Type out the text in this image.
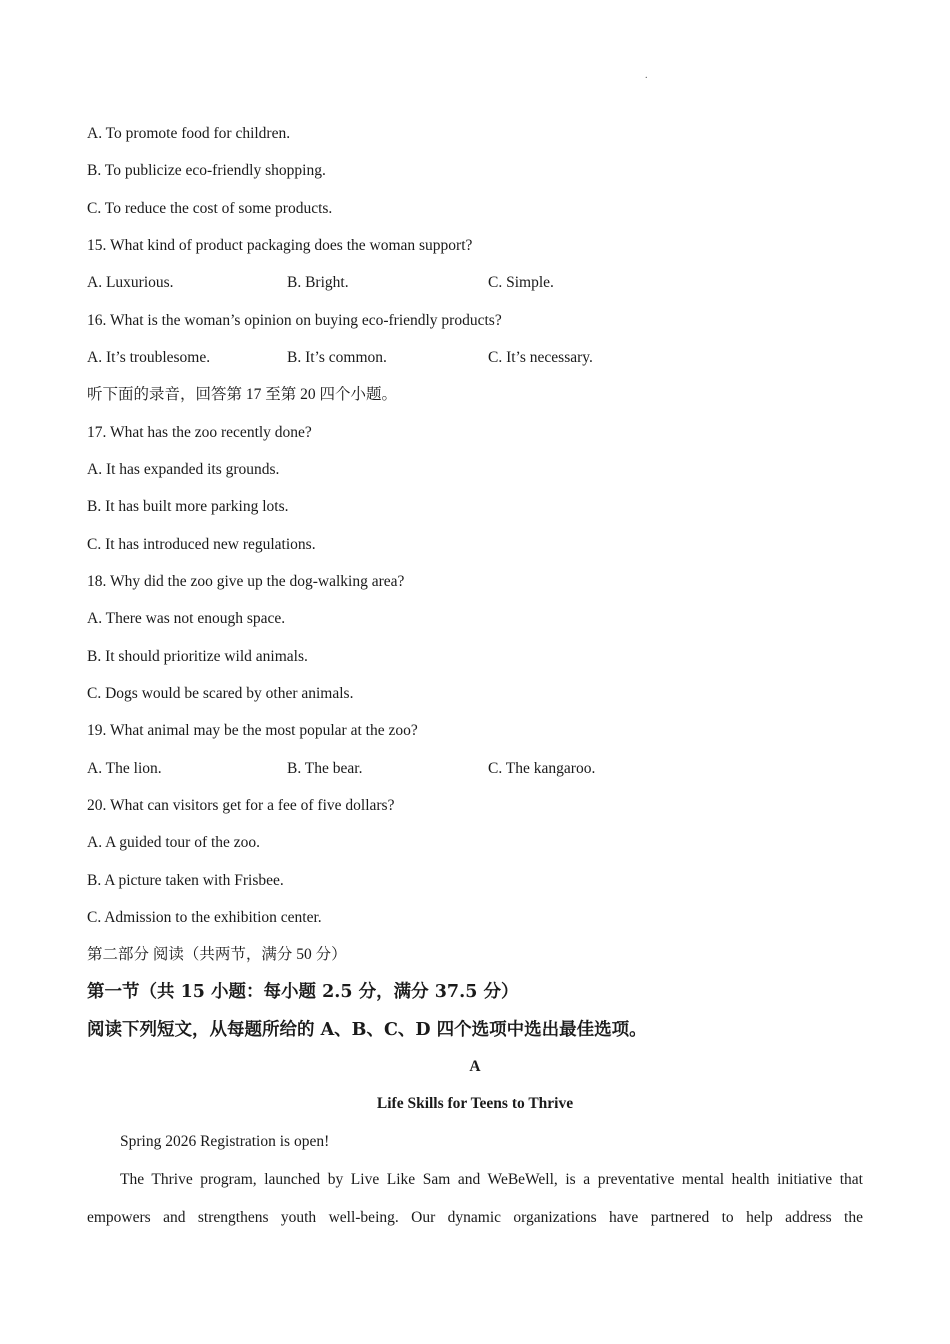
.
A. To promote food for children.
B. To publicize eco-friendly shopping.
C. To reduce the cost of some products.
15. What kind of product packaging does the woman support?
A. Luxurious.	B. Bright.	C. Simple.
16. What is the woman’s opinion on buying eco-friendly products?
A. It’s troublesome.	B. It’s common.	C. It’s necessary.
听下面的录音，回答第 17 至第 20 四个小题。
17. What has the zoo recently done?
A. It has expanded its grounds.
B. It has built more parking lots.
C. It has introduced new regulations.
18. Why did the zoo give up the dog-walking area?
A. There was not enough space.
B. It should prioritize wild animals.
C. Dogs would be scared by other animals.
19. What animal may be the most popular at the zoo?
A. The lion.	B. The bear.	C. The kangaroo.
20. What can visitors get for a fee of five dollars?
A. A guided tour of the zoo.
B. A picture taken with Frisbee.
C. Admission to the exhibition center.
第二部分 阅读（共两节，满分 50 分）
第一节（共 15 小题：每小题 2.5 分，满分 37.5 分）
阅读下列短文，从每题所给的 A、B、C、D 四个选项中选出最佳选项。
A
Life Skills for Teens to Thrive
Spring 2026 Registration is open!
The Thrive program, launched by Live Like Sam and WeBeWell, is a preventative mental health initiative that
empowers and strengthens youth well-being. Our dynamic organizations have partnered to help address the
